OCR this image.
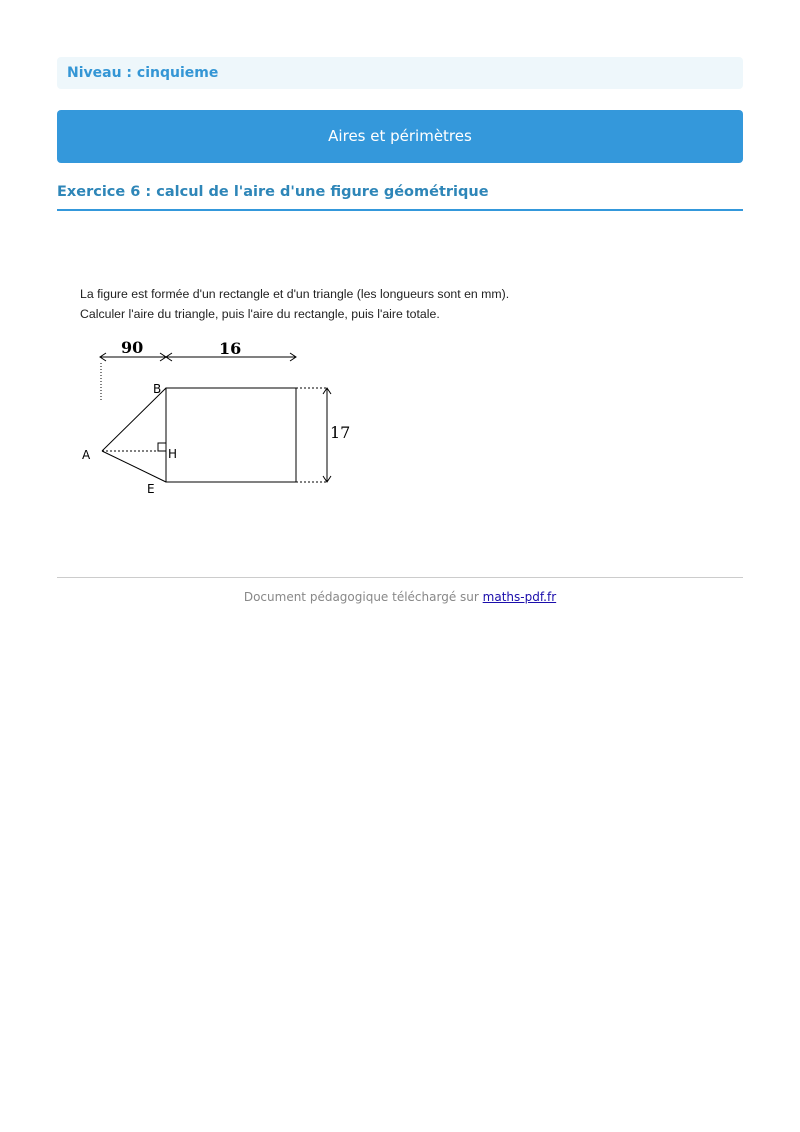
Niveau : cinquieme
Aires et périmètres
Exercice 6 : calcul de l'aire d'une figure géométrique
La figure est formée d'un rectangle et d'un triangle (les longueurs sont en mm).
Calculer l'aire du triangle, puis l'aire du rectangle, puis l'aire totale.
90	16
17
B
A	H
E
Document pédagogique téléchargé sur maths-pdf.fr
